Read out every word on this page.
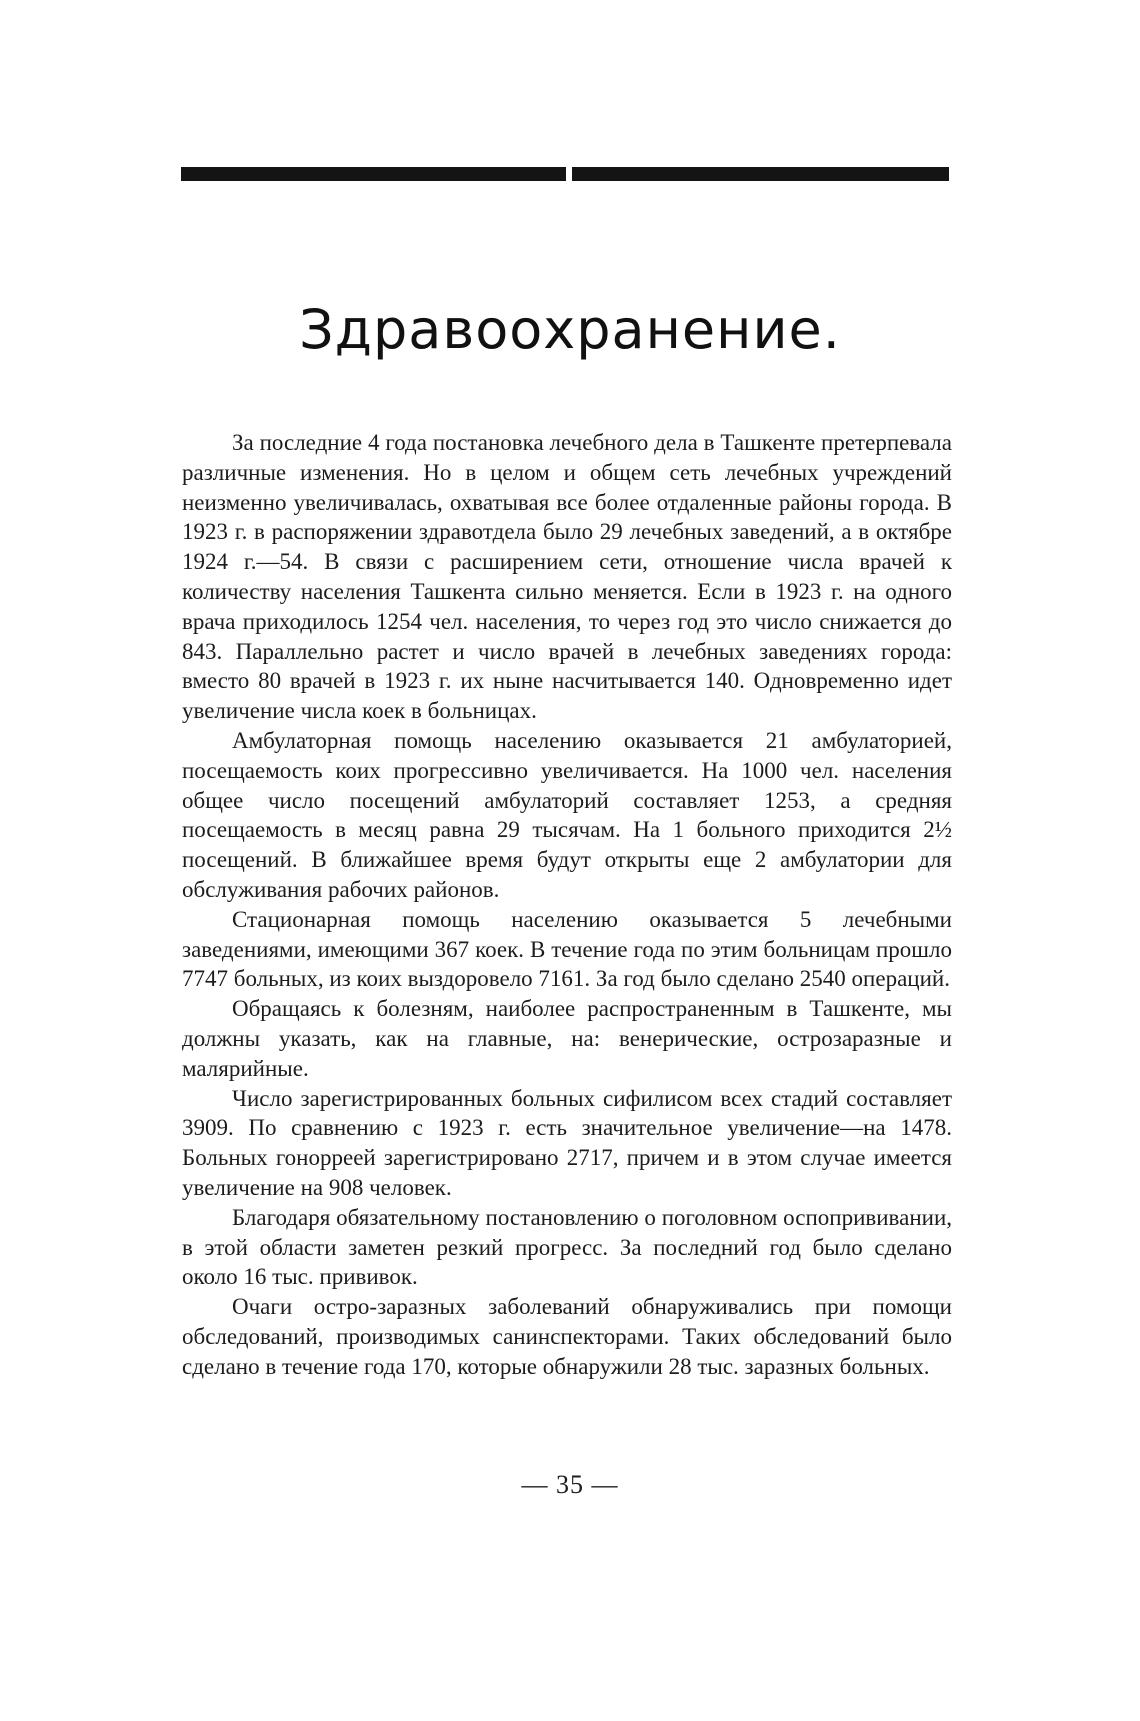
Здравоохранение.

За последние 4 года постановка лечебного дела в Ташкенте претерпевала различные изменения. Но в целом и общем сеть лечебных учреждений неизменно увеличивалась, охватывая все более отдаленные районы города. В 1923 г. в распоряжении здравотдела было 29 лечебных заведений, а в октябре 1924 г.—54. В связи с расширением сети, отношение числа врачей к количеству населения Ташкента сильно меняется. Если в 1923 г. на одного врача приходилось 1254 чел. населения, то через год это число снижается до 843. Параллельно растет и число врачей в лечебных заведениях города: вместо 80 врачей в 1923 г. их ныне насчитывается 140. Одновременно идет увеличение числа коек в больницах.

Амбулаторная помощь населению оказывается 21 амбулаторией, посещаемость коих прогрессивно увеличивается. На 1000 чел. населения общее число посещений амбулаторий составляет 1253, а средняя посещаемость в месяц равна 29 тысячам. На 1 больного приходится 2½ посещений. В ближайшее время будут открыты еще 2 амбулатории для обслуживания рабочих районов.

Стационарная помощь населению оказывается 5 лечебными заведениями, имеющими 367 коек. В течение года по этим больницам прошло 7747 больных, из коих выздоровело 7161. За год было сделано 2540 операций.

Обращаясь к болезням, наиболее распространенным в Ташкенте, мы должны указать, как на главные, на: венерические, острозаразные и малярийные.

Число зарегистрированных больных сифилисом всех стадий составляет 3909. По сравнению с 1923 г. есть значительное увеличение—на 1478. Больных гонорреей зарегистрировано 2717, причем и в этом случае имеется увеличение на 908 человек.

Благодаря обязательному постановлению о поголовном оспопрививании, в этой области заметен резкий прогресс. За последний год было сделано около 16 тыс. прививок.

Очаги остро-заразных заболеваний обнаруживались при помощи обследований, производимых санинспекторами. Таких обследований было сделано в течение года 170, которые обнаружили 28 тыс. заразных больных.

— 35 —
